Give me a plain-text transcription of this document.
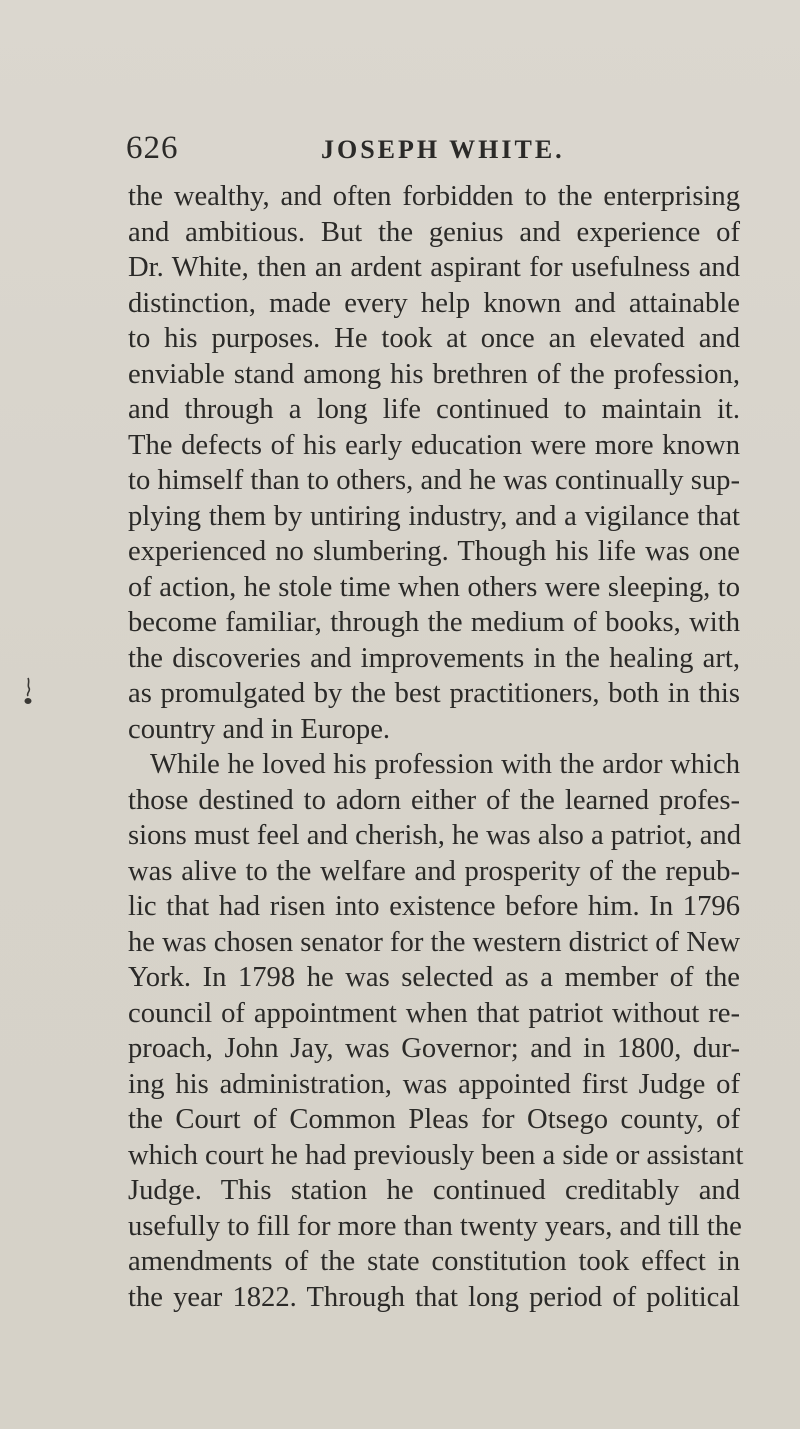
626	JOSEPH WHITE.
the wealthy, and often forbidden to the enterprising
and ambitious. But the genius and experience of
Dr. White, then an ardent aspirant for usefulness and
distinction, made every help known and attainable
to his purposes. He took at once an elevated and
enviable stand among his brethren of the profession,
and through a long life continued to maintain it.
The defects of his early education were more known
to himself than to others, and he was continually sup-
plying them by untiring industry, and a vigilance that
experienced no slumbering. Though his life was one
of action, he stole time when others were sleeping, to
become familiar, through the medium of books, with
the discoveries and improvements in the healing art,
as promulgated by the best practitioners, both in this
country and in Europe.
While he loved his profession with the ardor which
those destined to adorn either of the learned profes-
sions must feel and cherish, he was also a patriot, and
was alive to the welfare and prosperity of the repub-
lic that had risen into existence before him. In 1796
he was chosen senator for the western district of New
York. In 1798 he was selected as a member of the
council of appointment when that patriot without re-
proach, John Jay, was Governor; and in 1800, dur-
ing his administration, was appointed first Judge of
the Court of Common Pleas for Otsego county, of
which court he had previously been a side or assistant
Judge. This station he continued creditably and
usefully to fill for more than twenty years, and till the
amendments of the state constitution took effect in
the year 1822. Through that long period of political
